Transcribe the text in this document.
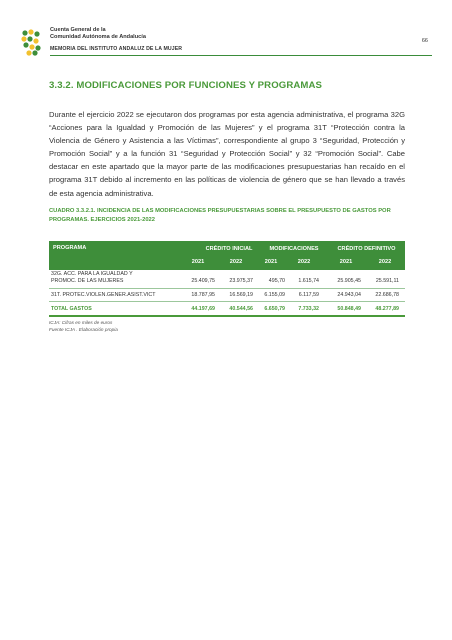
Cuenta General de la
Comunidad Autónoma de Andalucía
MEMORIA DEL INSTITUTO ANDALUZ DE LA MUJER
66
3.3.2. MODIFICACIONES POR FUNCIONES Y PROGRAMAS
Durante el ejercicio 2022 se ejecutaron dos programas por esta agencia administrativa, el programa 32G “Acciones para la Igualdad y Promoción de las Mujeres” y el programa 31T “Protección contra la Violencia de Género y Asistencia a las Víctimas”, correspondiente al grupo 3 “Seguridad, Protección y Promoción Social” y a la función 31 “Seguridad y Protección Social” y 32 “Promoción Social”. Cabe destacar en este apartado que la mayor parte de las modificaciones presupuestarias han recaído en el programa 31T debido al incremento en las políticas de violencia de género que se han llevado a través de esta agencia administrativa.
CUADRO 3.3.2.1. INCIDENCIA DE LAS MODIFICACIONES PRESUPUESTARIAS SOBRE EL PRESUPUESTO DE GASTOS POR PROGRAMAS. EJERCICIOS 2021-2022
PROGRAMA	CRÉDITO INICIAL	MODIFICACIONES	CRÉDITO DEFINITIVO
2021	2022	2021	2022	2021	2022
32G. ACC. PARA LA IGUALDAD Y
PROMOC. DE LAS MUJERES	25.409,75	23.975,37	495,70	1.615,74	25.905,45	25.591,11
31T. PROTEC.VIOLEN.GENER.ASIST.VICT	18.787,95	16.569,19	6.155,09	6.117,59	24.943,04	22.686,78
TOTAL GASTOS	44.197,69	40.544,56	6.650,79	7.733,32	50.848,49	48.277,89
ICJA: Cifras en miles de euros
Fuente ICJA . Elaboración propia
